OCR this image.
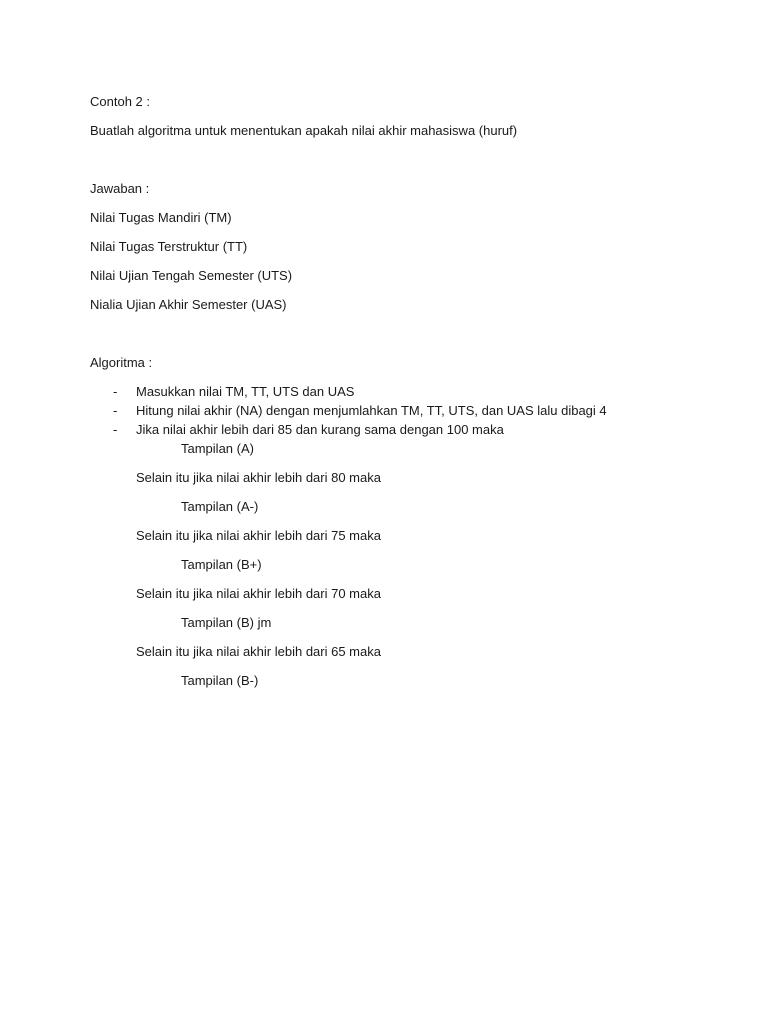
Contoh 2 :
Buatlah algoritma untuk menentukan apakah nilai akhir mahasiswa (huruf)
Jawaban :
Nilai Tugas Mandiri (TM)
Nilai Tugas Terstruktur (TT)
Nilai Ujian Tengah Semester (UTS)
Nialia Ujian Akhir Semester (UAS)
Algoritma :
- Masukkan nilai TM, TT, UTS dan UAS
- Hitung nilai akhir (NA) dengan menjumlahkan TM, TT, UTS, dan UAS lalu dibagi 4
- Jika nilai akhir lebih dari 85 dan kurang sama dengan 100 maka
Tampilan (A)
Selain itu jika nilai akhir lebih dari 80 maka
Tampilan (A-)
Selain itu jika nilai akhir lebih dari 75 maka
Tampilan (B+)
Selain itu jika nilai akhir lebih dari 70 maka
Tampilan (B) jm
Selain itu jika nilai akhir lebih dari 65 maka
Tampilan (B-)
